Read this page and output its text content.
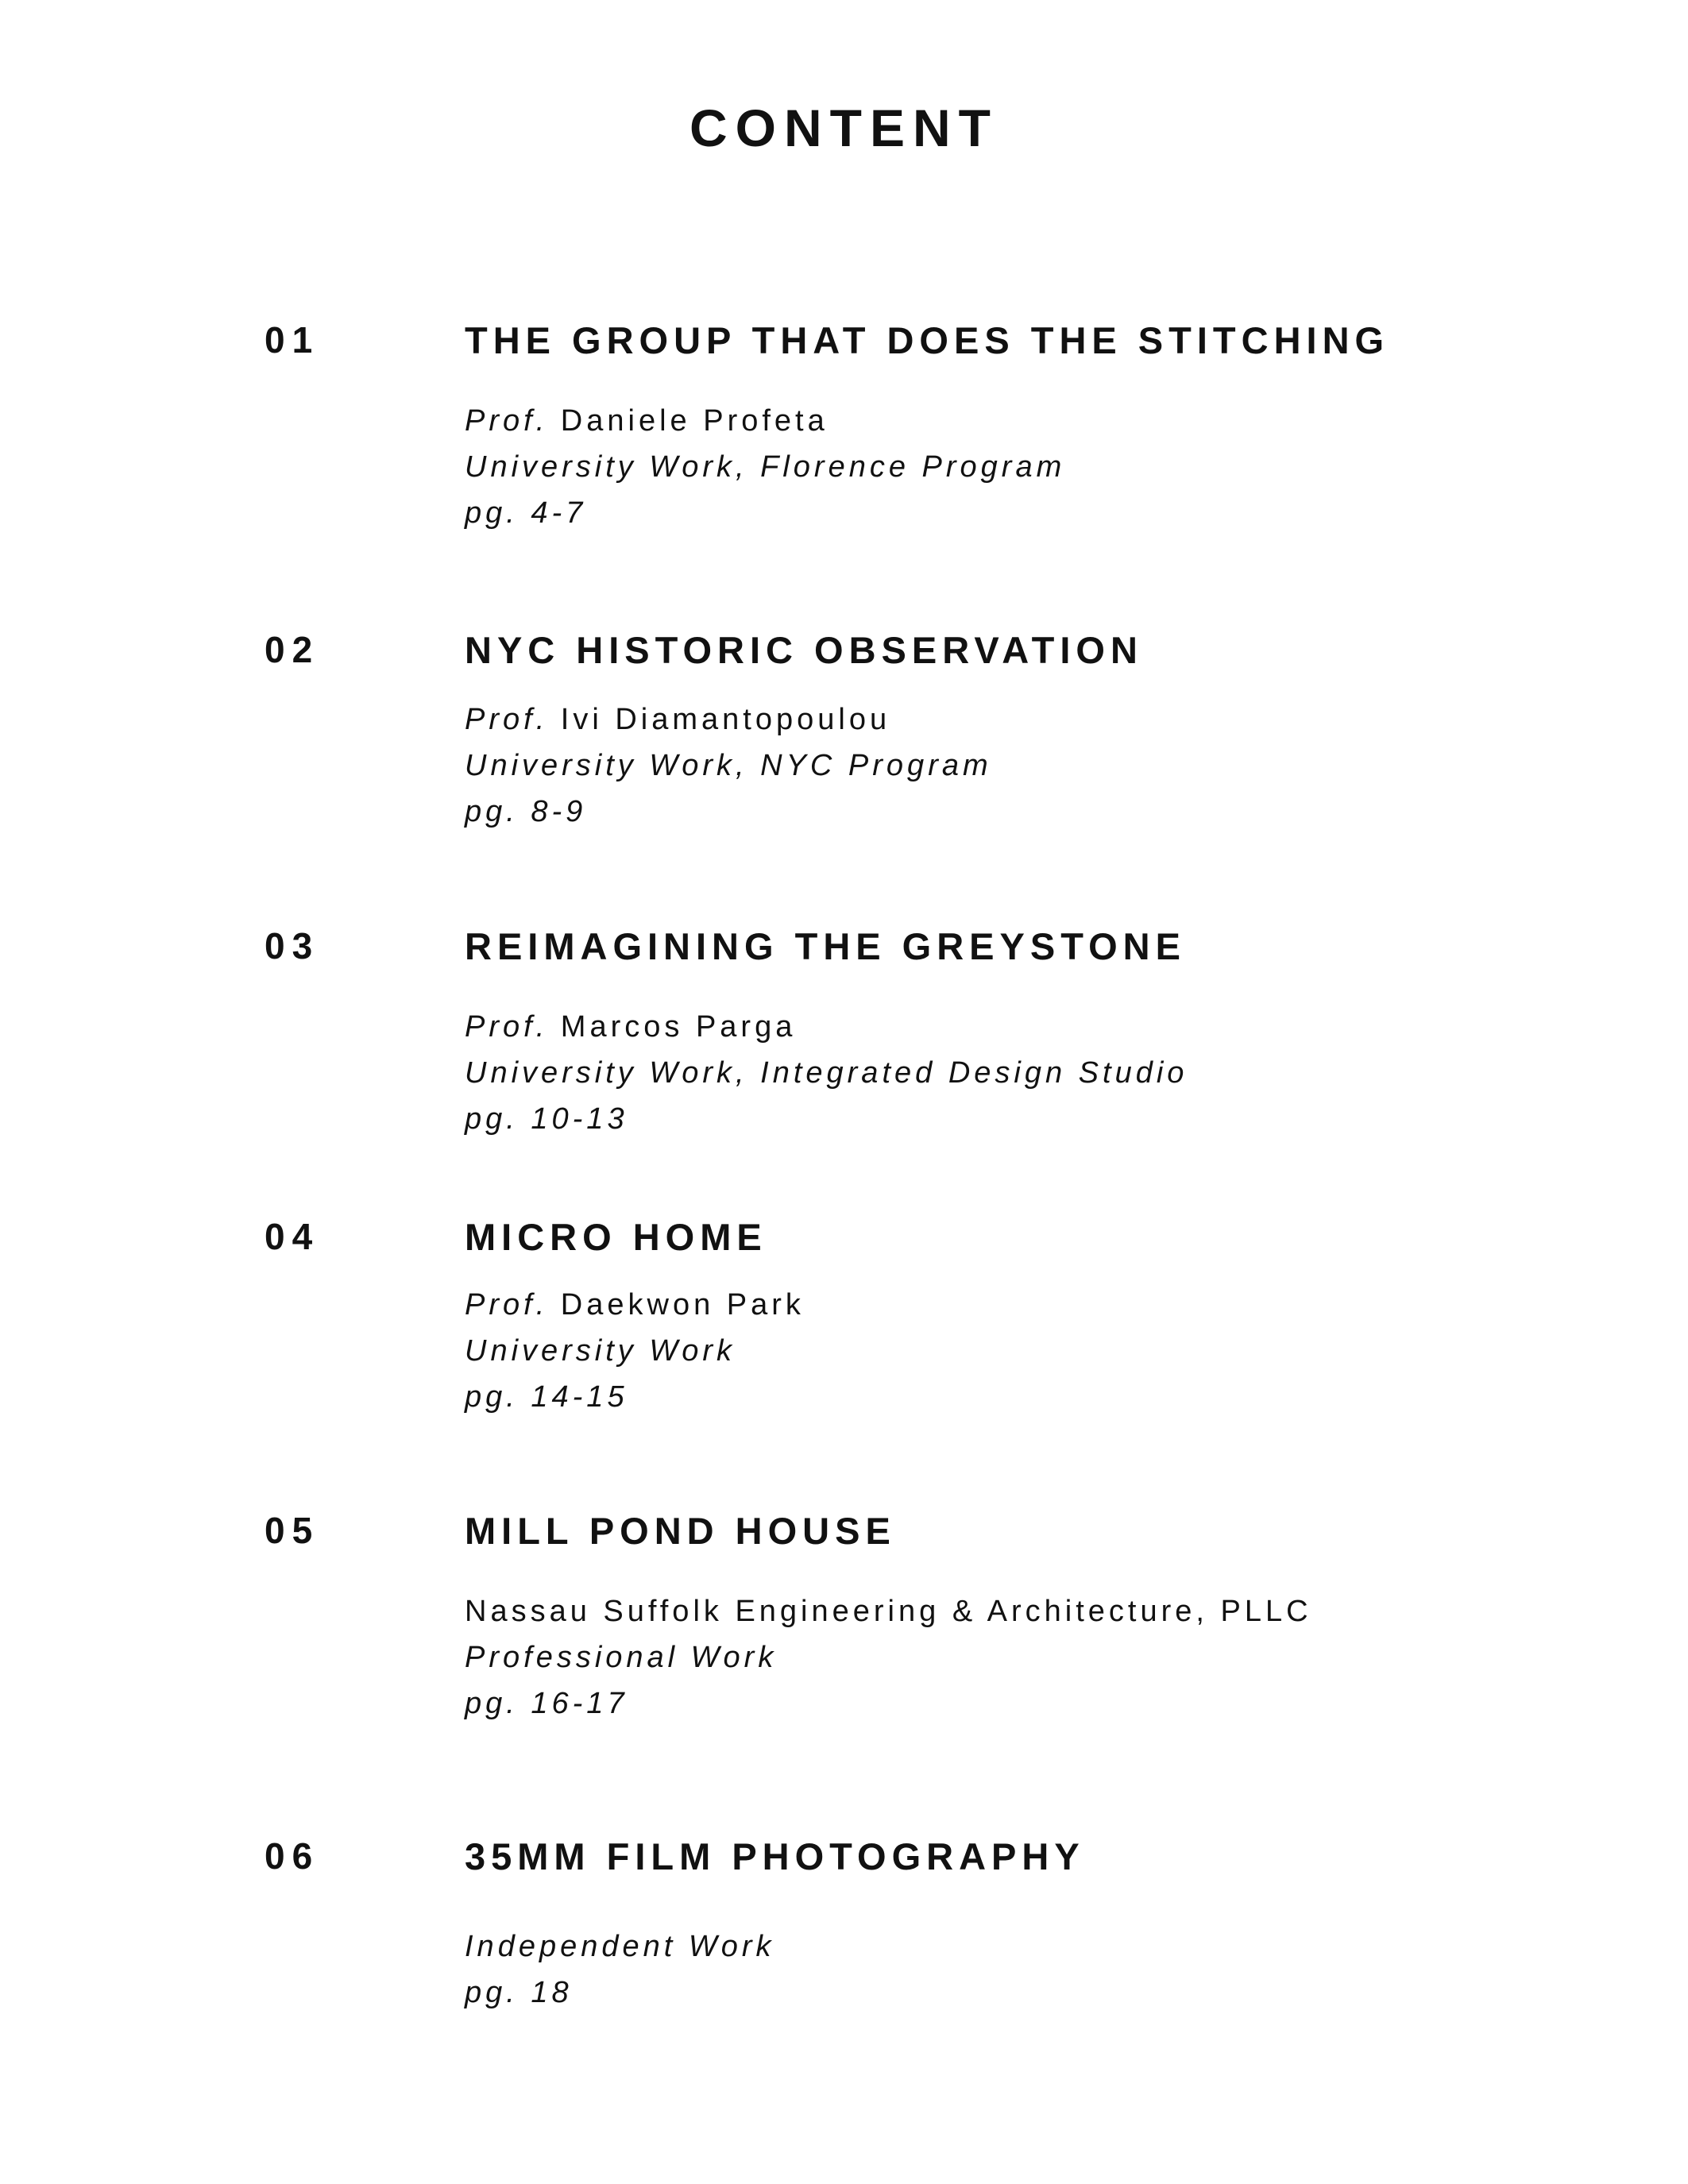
CONTENT
01	THE GROUP THAT DOES THE STITCHING
Prof. Daniele Profeta
University Work, Florence Program
pg. 4-7
02	NYC HISTORIC OBSERVATION
Prof. Ivi Diamantopoulou
University Work, NYC Program
pg. 8-9
03	REIMAGINING THE GREYSTONE
Prof. Marcos Parga
University Work, Integrated Design Studio
pg. 10-13
04	MICRO HOME
Prof. Daekwon Park
University Work
pg. 14-15
05	MILL POND HOUSE
Nassau Suffolk Engineering & Architecture, PLLC
Professional Work
pg. 16-17
06	35MM FILM PHOTOGRAPHY
Independent Work
pg. 18
